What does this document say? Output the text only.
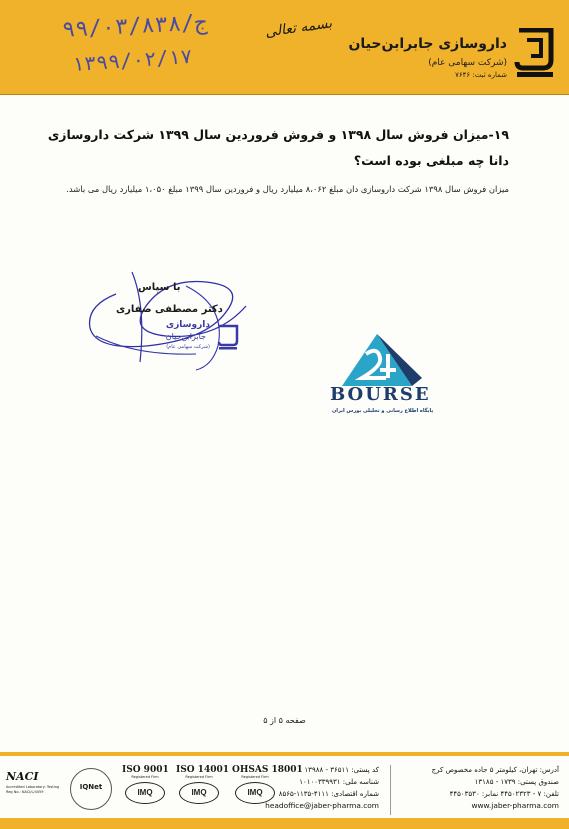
داروسازی جابرابن‌حیان
(شرکت سهامی عام)
شماره ثبت: ۷۶۴۶
بسمه تعالی
ج/۹۹/۰۳/۸۳۸
۱۳۹۹/۰۲/۱۷
۱۹-میزان فروش سال ۱۳۹۸ و فروش فروردین سال ۱۳۹۹ شرکت داروسازی دانا چه مبلغی بوده است؟
میزان فروش سال ۱۳۹۸ شرکت داروسازی دان مبلغ ۸،۰۶۲ میلیارد ریال و فروردین سال ۱۳۹۹ مبلغ ۱،۰۵۰ میلیارد ریال می باشد.
با سپاس
دکتر مصطفی صفاری
داروسازی
جابرابن‌حیان
(شرکت سهامی عام)
BOURSE
پایگاه اطلاع رسانی و تحلیلی بورس ایران
صفحه ۵ از ۵
آدرس: تهران، کیلومتر ۵ جاده مخصوص کرج
صندوق پستی: ۱۷۳۹ - ۱۳۱۸۵
تلفن: ۷ - ۴۴۵۰۲۳۲۳ نمابر: ۴۴۵۰۳۵۳۰
www.jaber-pharma.com
کد پستی: ۳۶۵۱۱ - ۱۳۹۸۸
شناسه ملی: ۱۰۱۰۰۳۳۹۹۳۱
شماره اقتصادی: ۴۱۱۱-۱۱۳۵-۸۵۶۵
headoffice@jaber-pharma.com
ISO 9001
Registered Firm
IMQ
ISO 14001
Registered Firm
IMQ
OHSAS 18001
Registered Firm
IMQ
IQNet
NACI
Accredited Laboratory: Testing
Reg No.: NACI/L/4059
